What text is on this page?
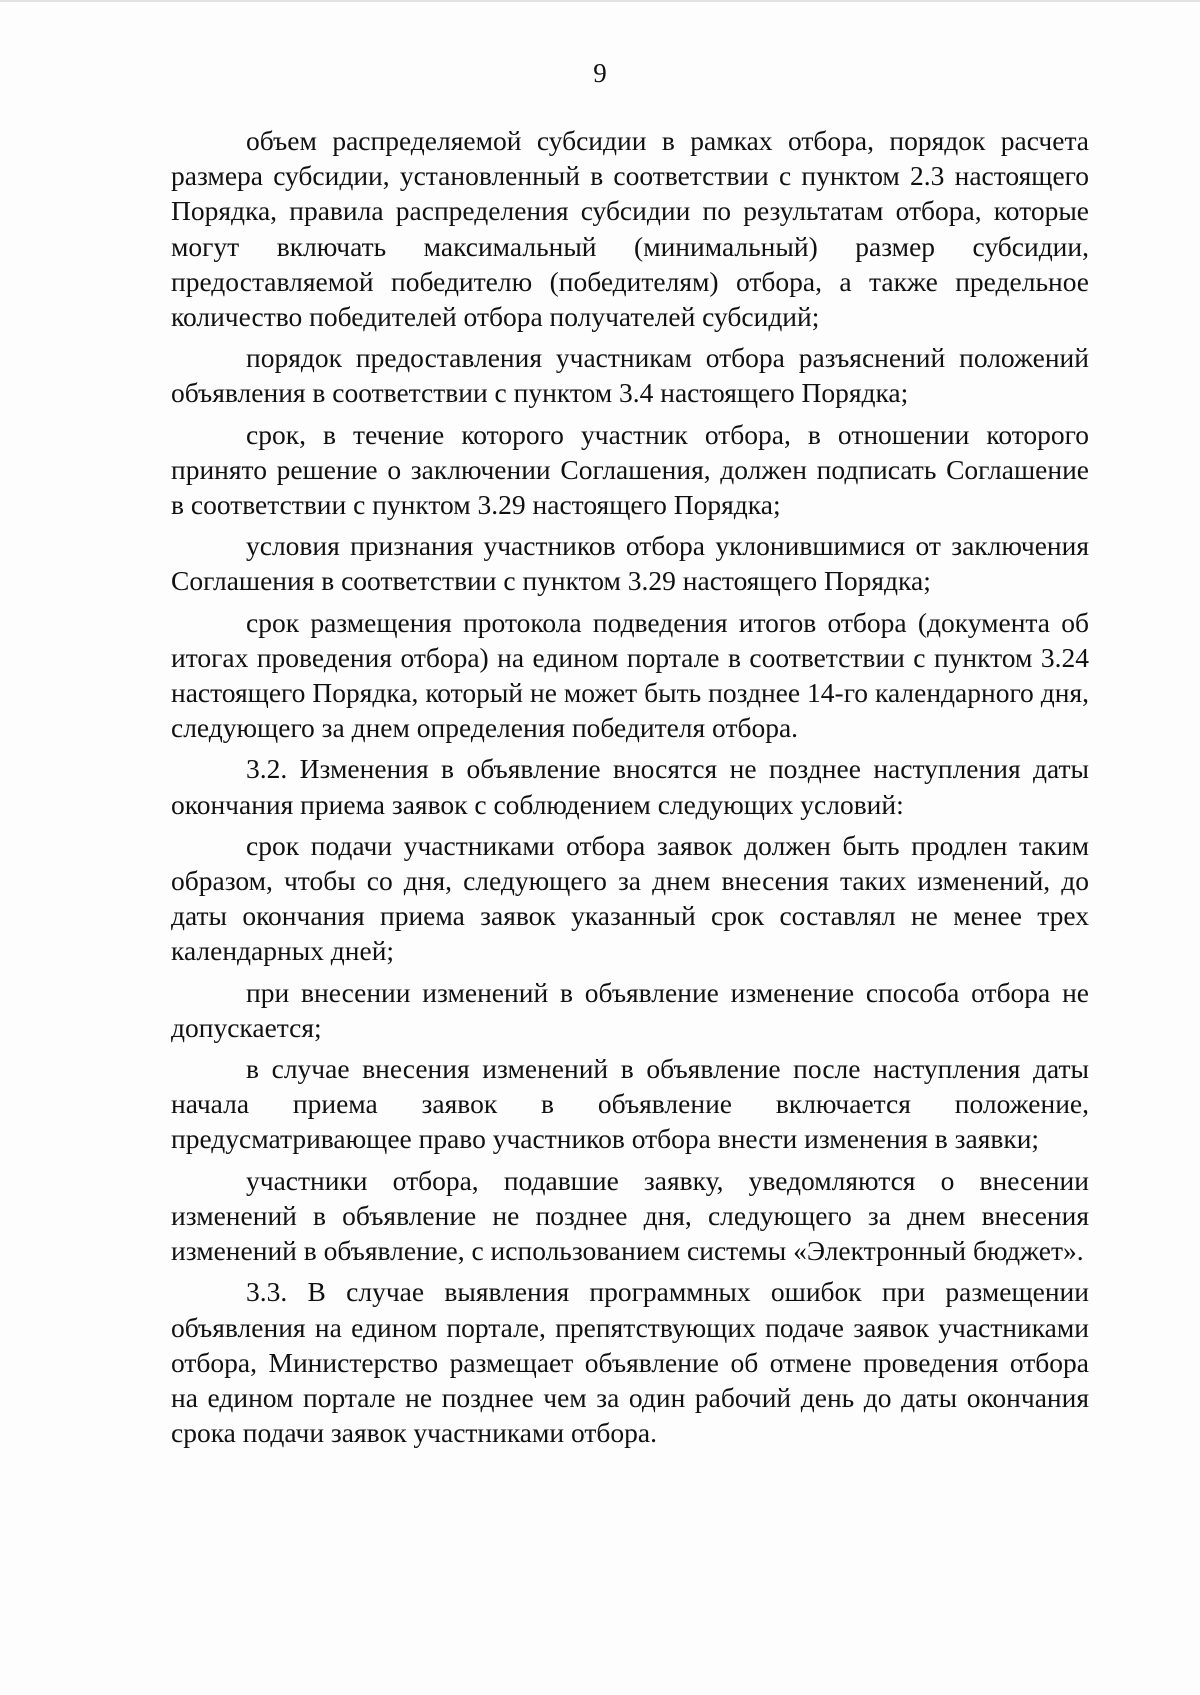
9

объем распределяемой субсидии в рамках отбора, порядок расчета размера субсидии, установленный в соответствии с пунктом 2.3 настоящего Порядка, правила распределения субсидии по результатам отбора, которые могут включать максимальный (минимальный) размер субсидии, предоставляемой победителю (победителям) отбора, а также предельное количество победителей отбора получателей субсидий;

порядок предоставления участникам отбора разъяснений положений объявления в соответствии с пунктом 3.4 настоящего Порядка;

срок, в течение которого участник отбора, в отношении которого принято решение о заключении Соглашения, должен подписать Соглашение в соответствии с пунктом 3.29 настоящего Порядка;

условия признания участников отбора уклонившимися от заключения Соглашения в соответствии с пунктом 3.29 настоящего Порядка;

срок размещения протокола подведения итогов отбора (документа об итогах проведения отбора) на едином портале в соответствии с пунктом 3.24 настоящего Порядка, который не может быть позднее 14-го календарного дня, следующего за днем определения победителя отбора.

3.2. Изменения в объявление вносятся не позднее наступления даты окончания приема заявок с соблюдением следующих условий:

срок подачи участниками отбора заявок должен быть продлен таким образом, чтобы со дня, следующего за днем внесения таких изменений, до даты окончания приема заявок указанный срок составлял не менее трех календарных дней;

при внесении изменений в объявление изменение способа отбора не допускается;

в случае внесения изменений в объявление после наступления даты начала приема заявок в объявление включается положение, предусматривающее право участников отбора внести изменения в заявки;

участники отбора, подавшие заявку, уведомляются о внесении изменений в объявление не позднее дня, следующего за днем внесения изменений в объявление, с использованием системы «Электронный бюджет».

3.3. В случае выявления программных ошибок при размещении объявления на едином портале, препятствующих подаче заявок участниками отбора, Министерство размещает объявление об отмене проведения отбора на едином портале не позднее чем за один рабочий день до даты окончания срока подачи заявок участниками отбора.
